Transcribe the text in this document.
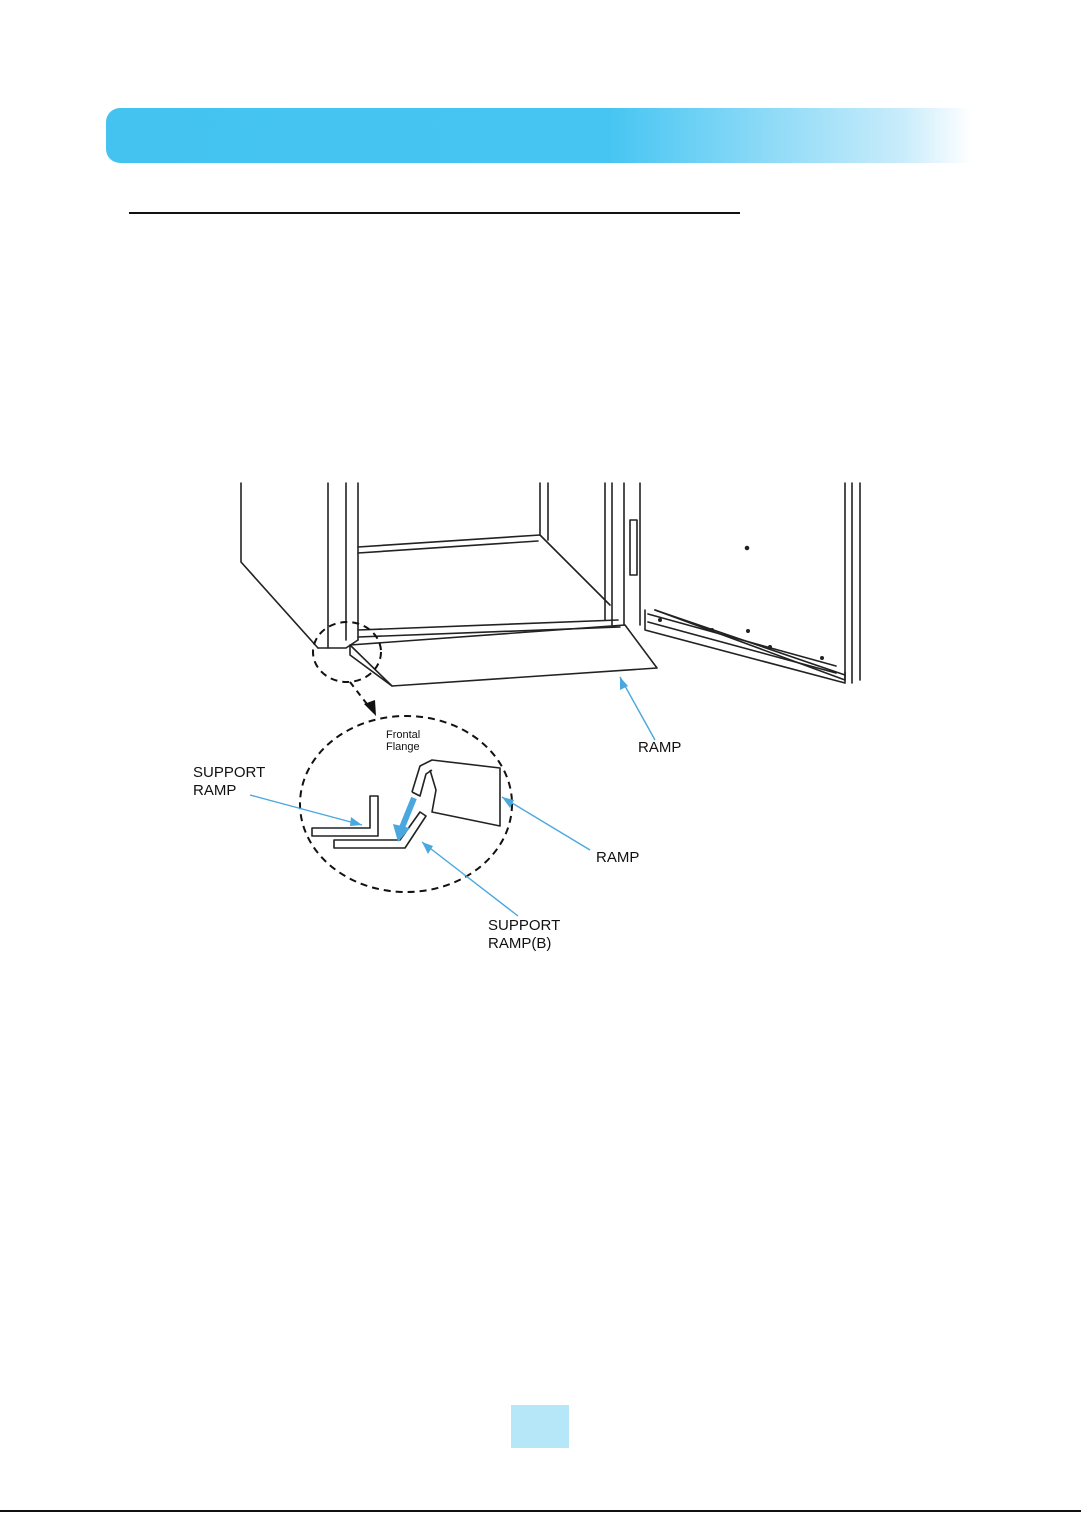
Frontal
Flange
SUPPORT
RAMP
RAMP
RAMP
SUPPORT
RAMP(B)
